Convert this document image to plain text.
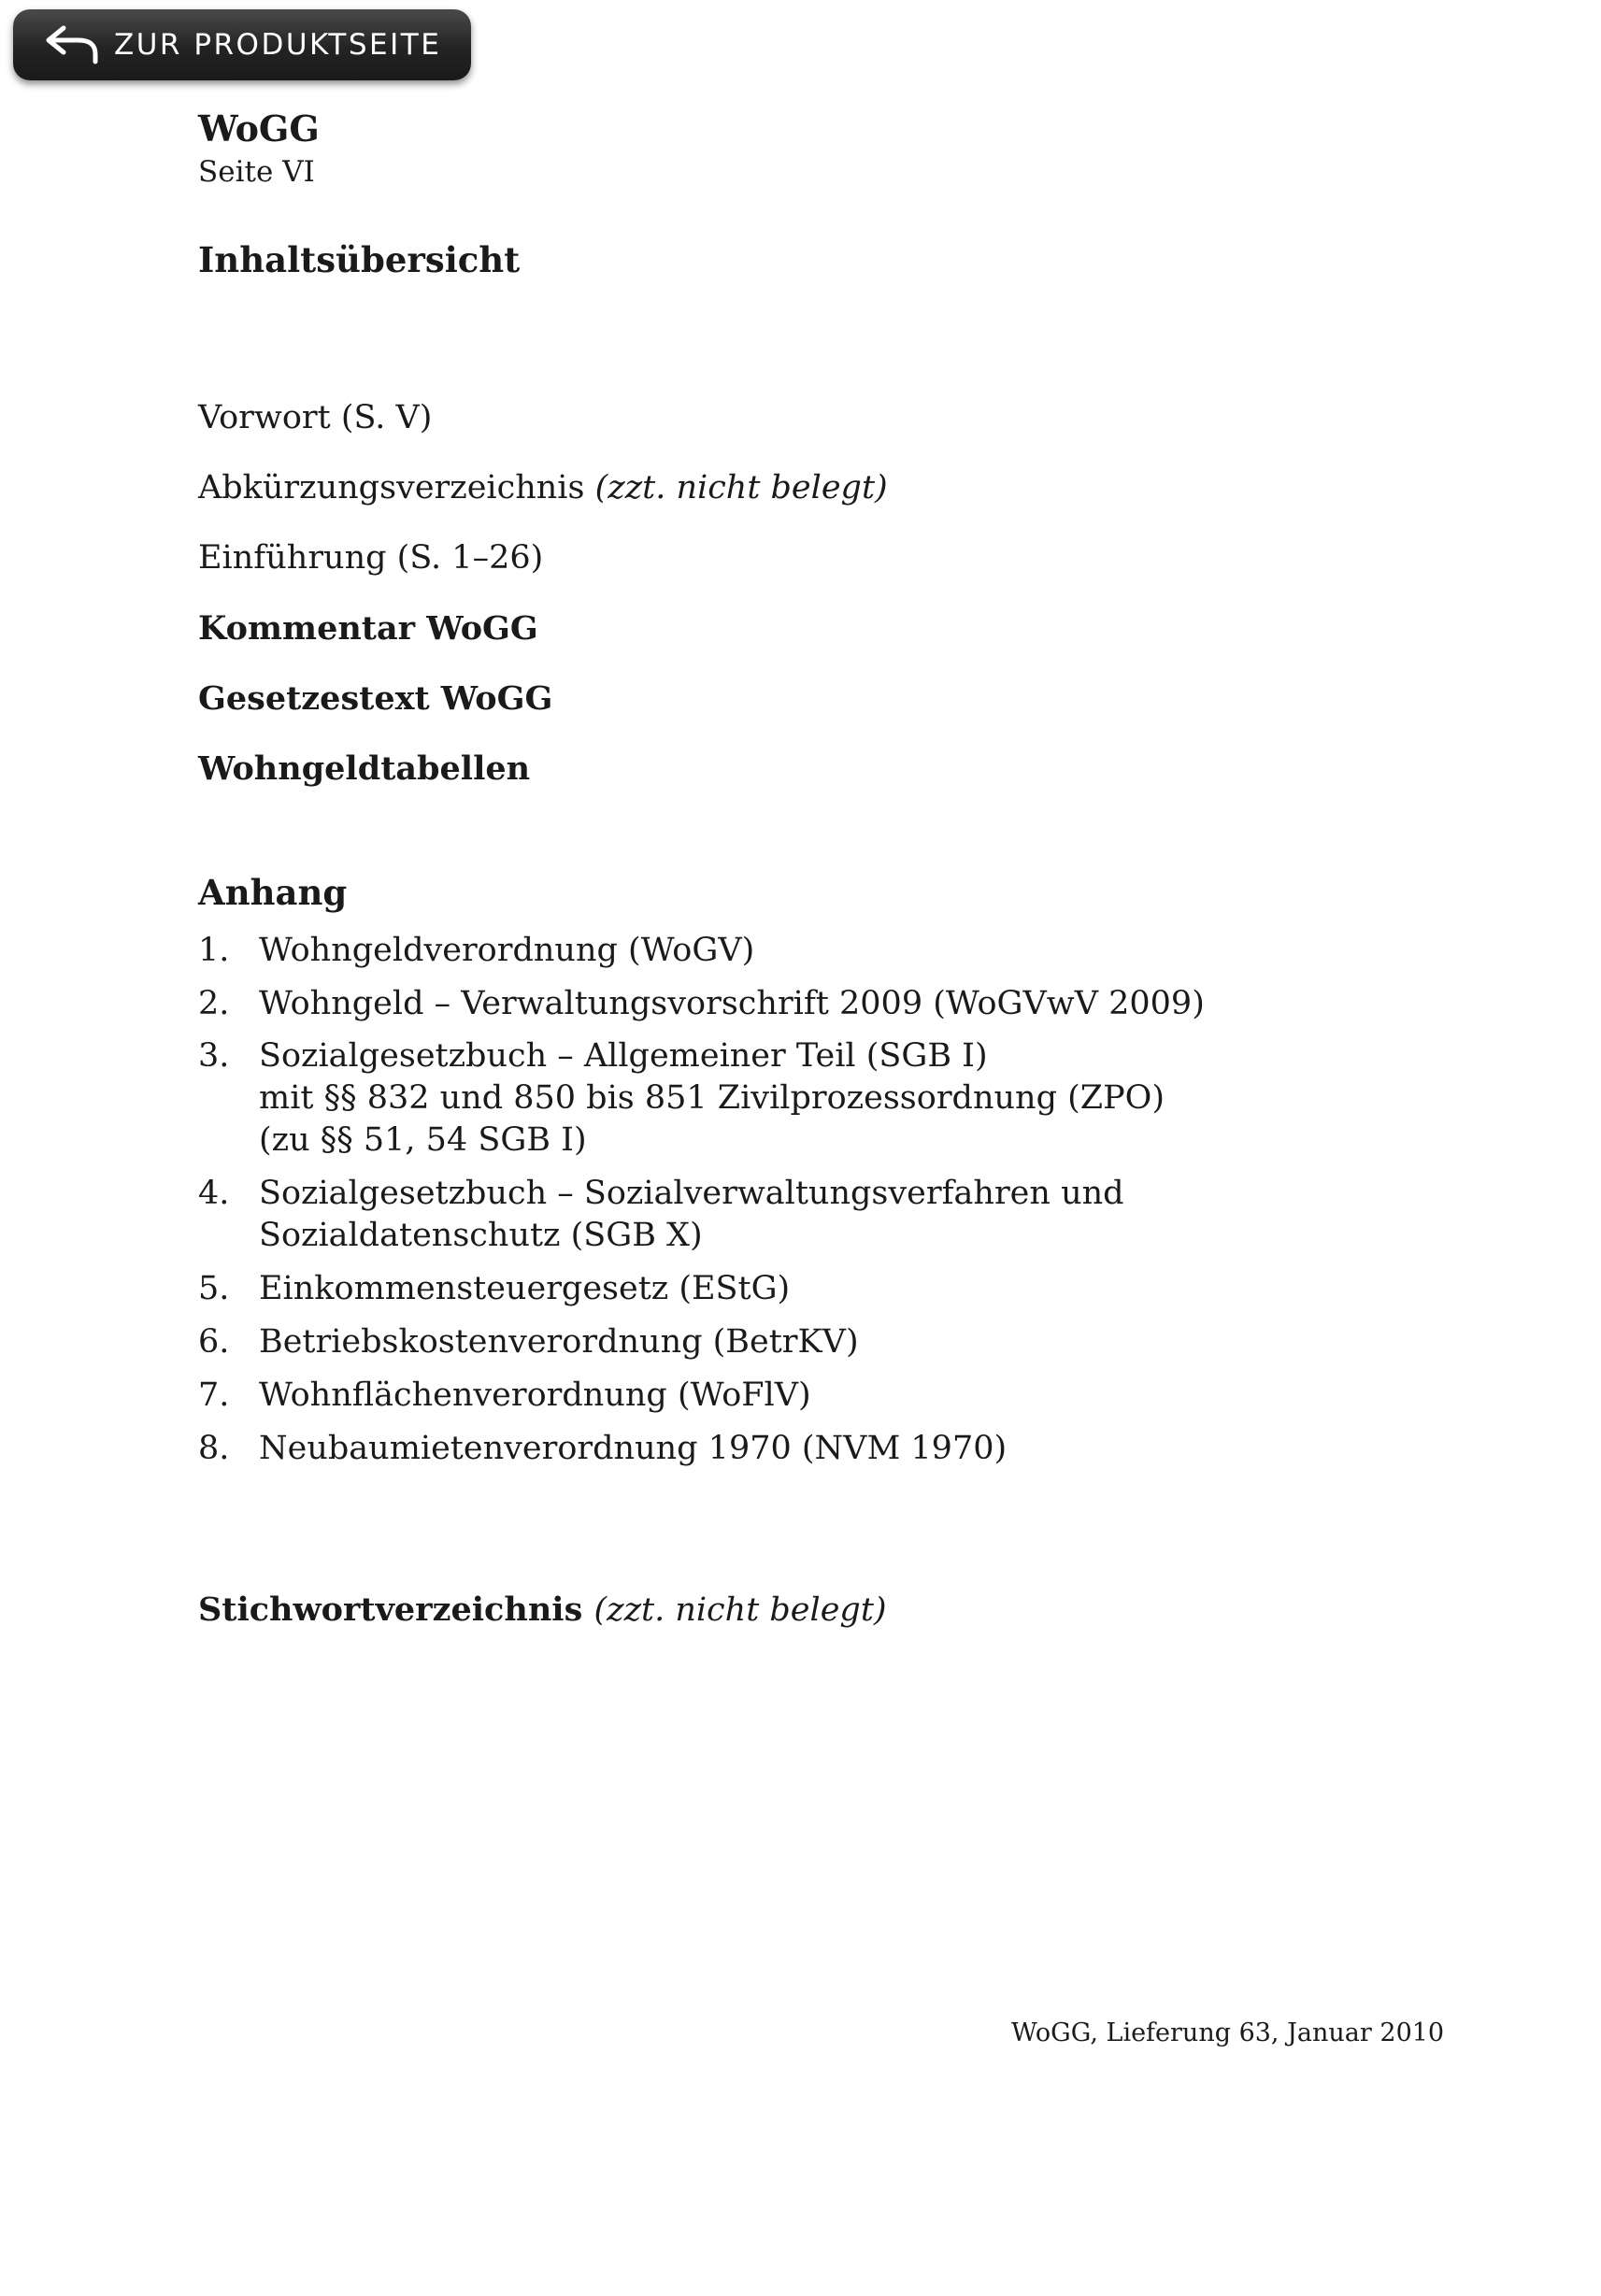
ZUR PRODUKTSEITE
WoGG
Seite VI
Inhaltsübersicht
Vorwort (S. V)
Abkürzungsverzeichnis (zzt. nicht belegt)
Einführung (S. 1–26)
Kommentar WoGG
Gesetzestext WoGG
Wohngeldtabellen
Anhang
1. Wohngeldverordnung (WoGV)
2. Wohngeld – Verwaltungsvorschrift 2009 (WoGVwV 2009)
3. Sozialgesetzbuch – Allgemeiner Teil (SGB I)
mit §§ 832 und 850 bis 851 Zivilprozessordnung (ZPO)
(zu §§ 51, 54 SGB I)
4. Sozialgesetzbuch – Sozialverwaltungsverfahren und
Sozialdatenschutz (SGB X)
5. Einkommensteuergesetz (EStG)
6. Betriebskostenverordnung (BetrKV)
7. Wohnflächenverordnung (WoFlV)
8. Neubaumietenverordnung 1970 (NVM 1970)
Stichwortverzeichnis (zzt. nicht belegt)
WoGG, Lieferung 63, Januar 2010
